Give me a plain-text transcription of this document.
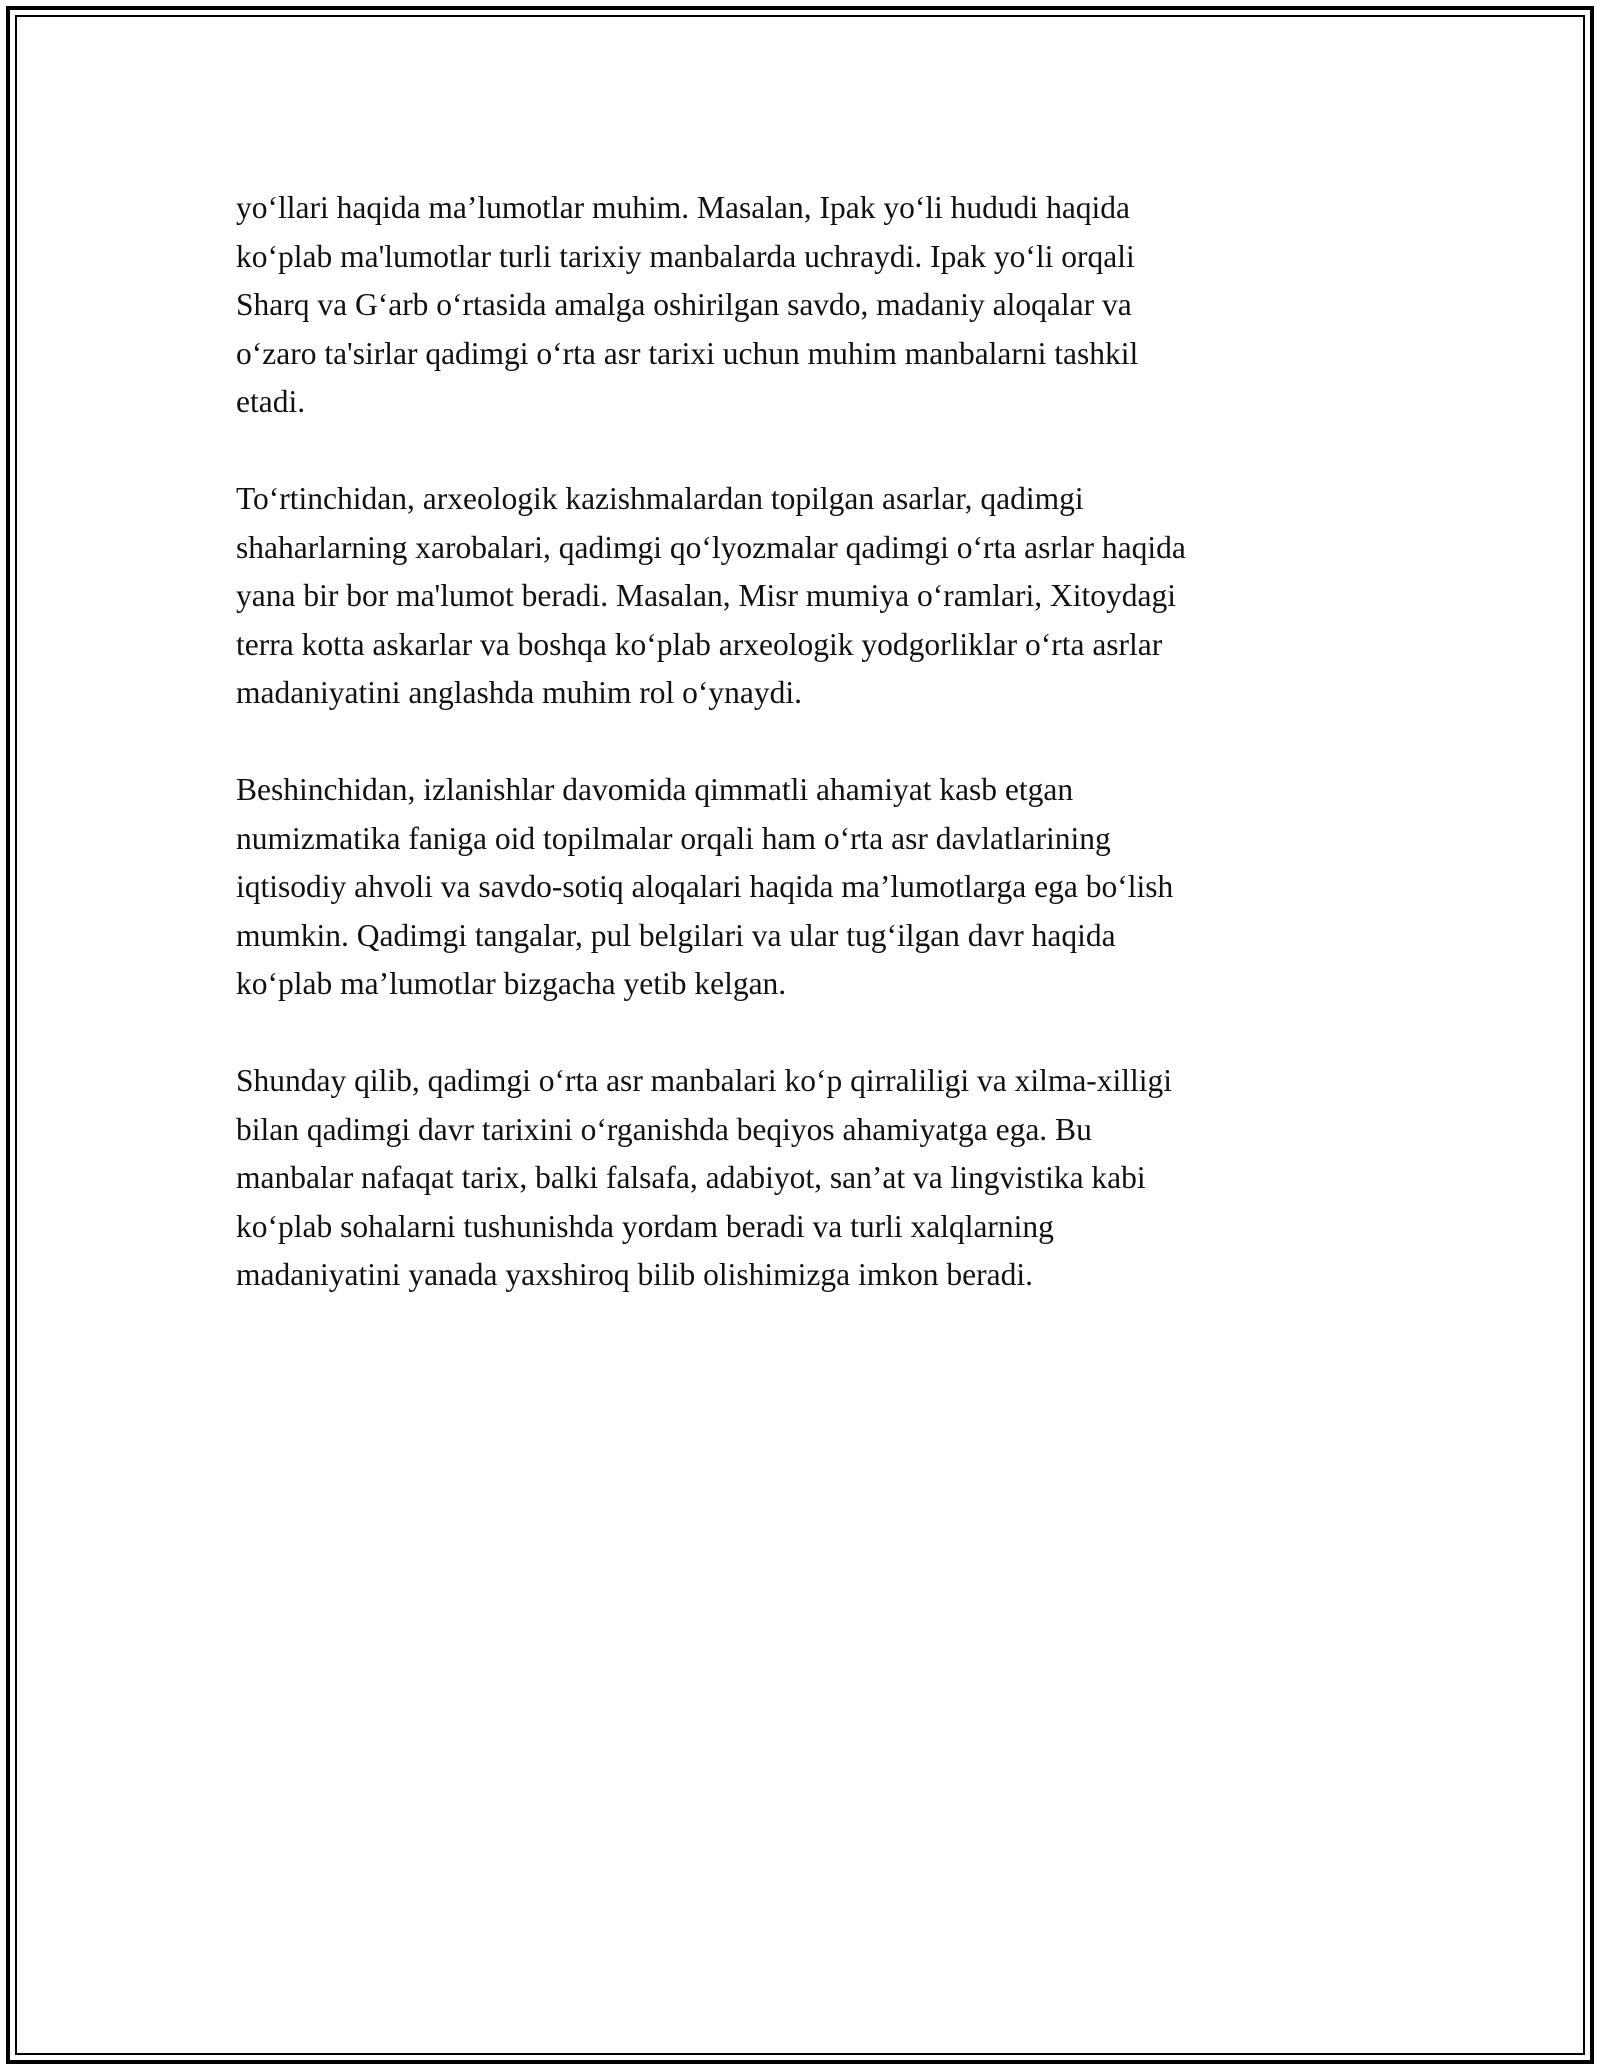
yo‘llari haqida ma’lumotlar muhim. Masalan, Ipak yo‘li hududi haqida
ko‘plab ma'lumotlar turli tarixiy manbalarda uchraydi. Ipak yo‘li orqali
Sharq va G‘arb o‘rtasida amalga oshirilgan savdo, madaniy aloqalar va
o‘zaro ta'sirlar qadimgi o‘rta asr tarixi uchun muhim manbalarni tashkil
etadi.

To‘rtinchidan, arxeologik kazishmalardan topilgan asarlar, qadimgi
shaharlarning xarobalari, qadimgi qo‘lyozmalar qadimgi o‘rta asrlar haqida
yana bir bor ma'lumot beradi. Masalan, Misr mumiya o‘ramlari, Xitoydagi
terra kotta askarlar va boshqa ko‘plab arxeologik yodgorliklar o‘rta asrlar
madaniyatini anglashda muhim rol o‘ynaydi.

Beshinchidan, izlanishlar davomida qimmatli ahamiyat kasb etgan
numizmatika faniga oid topilmalar orqali ham o‘rta asr davlatlarining
iqtisodiy ahvoli va savdo-sotiq aloqalari haqida ma’lumotlarga ega bo‘lish
mumkin. Qadimgi tangalar, pul belgilari va ular tug‘ilgan davr haqida
ko‘plab ma’lumotlar bizgacha yetib kelgan.

Shunday qilib, qadimgi o‘rta asr manbalari ko‘p qirraliligi va xilma-xilligi
bilan qadimgi davr tarixini o‘rganishda beqiyos ahamiyatga ega. Bu
manbalar nafaqat tarix, balki falsafa, adabiyot, san’at va lingvistika kabi
ko‘plab sohalarni tushunishda yordam beradi va turli xalqlarning
madaniyatini yanada yaxshiroq bilib olishimizga imkon beradi.
